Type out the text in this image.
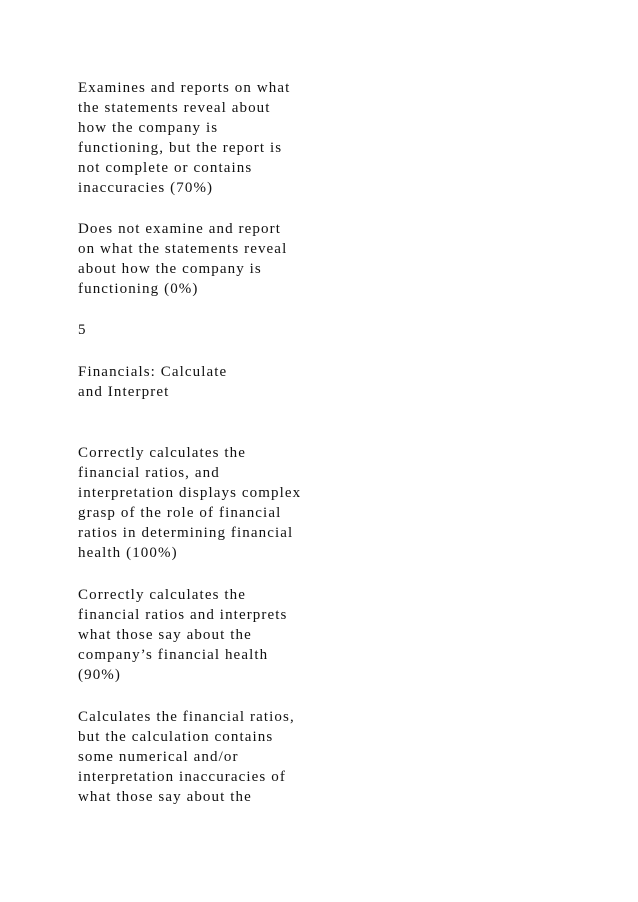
Examines and reports on what

the statements reveal about

how the company is

functioning, but the report is

not complete or contains

inaccuracies (70%)

Does not examine and report

on what the statements reveal

about how the company is

functioning (0%)

5

Financials: Calculate

and Interpret

Correctly calculates the

financial ratios, and

interpretation displays complex

grasp of the role of financial

ratios in determining financial

health (100%)

Correctly calculates the

financial ratios and interprets

what those say about the

company’s financial health

(90%)

Calculates the financial ratios,

but the calculation contains

some numerical and/or

interpretation inaccuracies of

what those say about the
